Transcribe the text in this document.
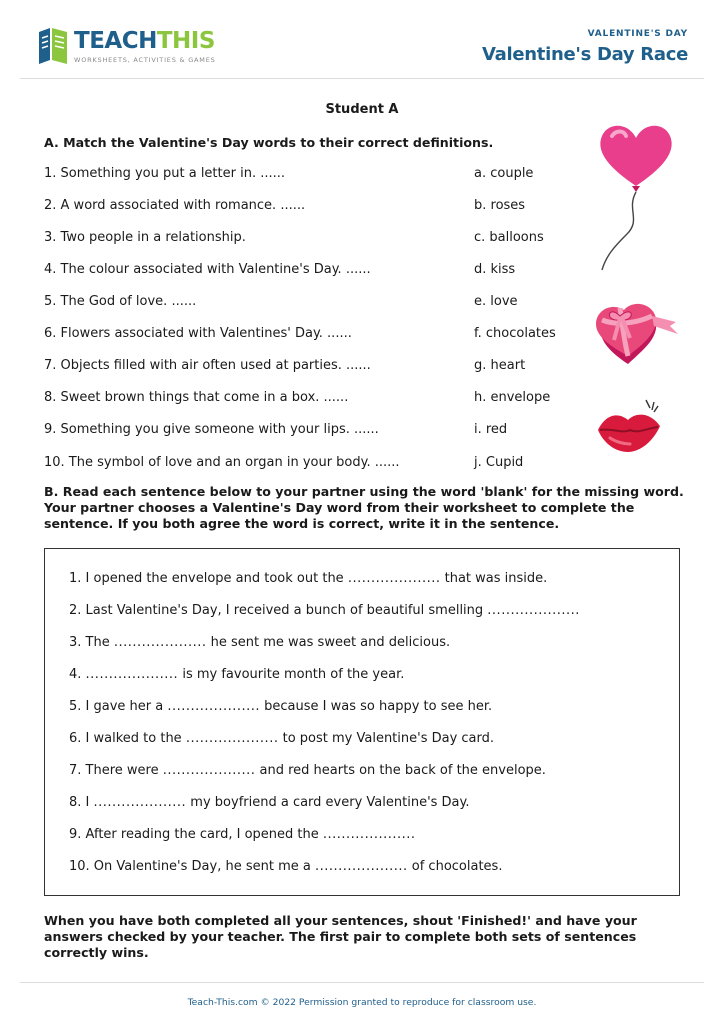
TEACHTHIS
WORKSHEETS, ACTIVITIES & GAMES
VALENTINE'S DAY
Valentine's Day Race
Student A
A. Match the Valentine's Day words to their correct definitions.
1. Something you put a letter in. ......
2. A word associated with romance. ......
3. Two people in a relationship.
4. The colour associated with Valentine's Day. ......
5. The God of love. ......
6. Flowers associated with Valentines' Day. ......
7. Objects filled with air often used at parties. ......
8. Sweet brown things that come in a box. ......
9. Something you give someone with your lips. ......
10. The symbol of love and an organ in your body. ......
a. couple
b. roses
c. balloons
d. kiss
e. love
f. chocolates
g. heart
h. envelope
i. red
j. Cupid
B. Read each sentence below to your partner using the word 'blank' for the missing word. Your partner chooses a Valentine's Day word from their worksheet to complete the sentence. If you both agree the word is correct, write it in the sentence.
1. I opened the envelope and took out the .................... that was inside.
2. Last Valentine's Day, I received a bunch of beautiful smelling ....................
3. The .................... he sent me was sweet and delicious.
4. .................... is my favourite month of the year.
5. I gave her a .................... because I was so happy to see her.
6. I walked to the .................... to post my Valentine's Day card.
7. There were .................... and red hearts on the back of the envelope.
8. I .................... my boyfriend a card every Valentine's Day.
9. After reading the card, I opened the ....................
10. On Valentine's Day, he sent me a .................... of chocolates.
When you have both completed all your sentences, shout 'Finished!' and have your answers checked by your teacher. The first pair to complete both sets of sentences correctly wins.
Teach-This.com © 2022 Permission granted to reproduce for classroom use.
